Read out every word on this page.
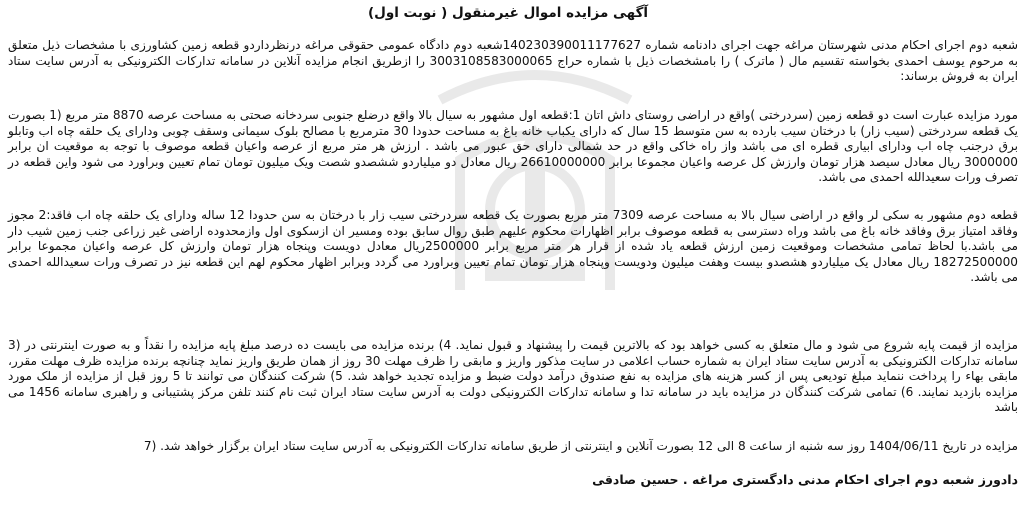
آگهی مزایده اموال غیرمنقول ( نوبت اول)

شعبه دوم اجرای احکام مدنی شهرستان مراغه جهت اجرای دادنامه شماره 140230390011177627شعبه دوم دادگاه عمومی حقوقی مراغه درنظرداردو قطعه زمین کشاورزی با مشخصات ذیل متعلق به مرحوم یوسف احمدی بخواسته تقسیم مال ( ماترک ) را بامشخصات ذیل با شماره حراج 3003108583000065 را ازطریق انجام مزایده آنلاین در سامانه تدارکات الکترونیکی به آدرس سایت ستاد ایران به فروش برساند:

مورد مزایده عبارت است دو قطعه زمین (سردرختی )واقع در اراضی روستای داش اتان 1:قطعه اول مشهور به سیال بالا واقع درضلع جنوبی سردخانه صحتی به مساحت عرصه 8870 متر مربع (1 بصورت یک قطعه سردرختی (سیب زار) با درختان سیب بارده به سن متوسط 15 سال که دارای یکباب خانه باغ به مساحت حدودا 30 مترمربع با مصالح بلوک سیمانی وسقف چوبی ودارای یک حلقه چاه اب وتابلو برق درجنب چاه اب ودارای ابیاری قطره ای می باشد واز راه خاکی واقع در حد شمالی دارای حق عبور می باشد . ارزش هر متر مربع از عرصه واعیان قطعه موصوف با توجه به موقعیت ان برابر 3000000 ریال معادل سیصد هزار تومان وارزش کل عرصه واعیان مجموعا برابر 26610000000 ریال معادل دو میلیاردو ششصدو شصت ویک میلیون تومان تمام تعیین وبراورد می شود واین قطعه در تصرف ورات سعیدالله احمدی می باشد.

قطعه دوم مشهور به سکی لر واقع در اراضی سیال بالا به مساحت عرصه 7309 متر مربع بصورت یک قطعه سردرختی سیب زار با درختان به سن حدودا 12 ساله ودارای یک حلقه چاه اب فاقد:2 مجوز وفاقد امتیاز برق وفاقد خانه باغ می باشد وراه دسترسی به قطعه موصوف برابر اظهارات محکوم علیهم طبق روال سابق بوده ومسیر ان ازسکوی اول وازمحدوده اراضی غیر زراعی جنب زمین شیب دار می باشد.با لحاظ تمامی مشخصات وموقعیت زمین ارزش قطعه یاد شده از قرار هر متر مربع برابر 2500000ریال معادل دویست وپنجاه هزار تومان وارزش کل عرصه واعیان مجموعا برابر 18272500000 ریال معادل یک میلیاردو هشصدو بیست وهفت میلیون ودویست وپنجاه هزار تومان تمام تعیین وبراورد می گردد وبرابر اظهار محکوم لهم این قطعه نیز در تصرف ورات سعیدالله احمدی می باشد.

مزایده از قیمت پایه شروع می شود و مال متعلق به کسی خواهد بود که بالاترین قیمت را پیشنهاد و قبول نماید. 4) برنده مزایده می بایست ده درصد مبلغ پایه مزایده را نقداً و به صورت اینترنتی در (3 سامانه تدارکات الکترونیکی به آدرس سایت ستاد ایران به شماره حساب اعلامی در سایت مذکور واریز و مابقی را ظرف مهلت 30 روز از همان طریق واریز نماید چنانچه برنده مزایده ظرف مهلت مقرر، مابقی بهاء را پرداخت ننماید مبلغ تودیعی پس از کسر هزینه های مزایده به نفع صندوق درآمد دولت ضبط و مزایده تجدید خواهد شد. 5) شرکت کنندگان می توانند تا 5 روز قبل از مزایده از ملک مورد مزایده بازدید نمایند. 6) تمامی شرکت کنندگان در مزایده باید در سامانه تدا و سامانه تدارکات الکترونیکی دولت به آدرس سایت ستاد ایران ثبت نام کنند تلفن مرکز پشتیبانی و راهبری سامانه 1456 می باشد

مزایده در تاریخ 1404/06/11 روز سه شنبه از ساعت 8 الی 12 بصورت آنلاین و اینترنتی از طریق سامانه تدارکات الکترونیکی به آدرس سایت ستاد ایران برگزار خواهد شد. (7

دادورز شعبه دوم اجرای احکام مدنی دادگستری مراغه . حسین صادقی
